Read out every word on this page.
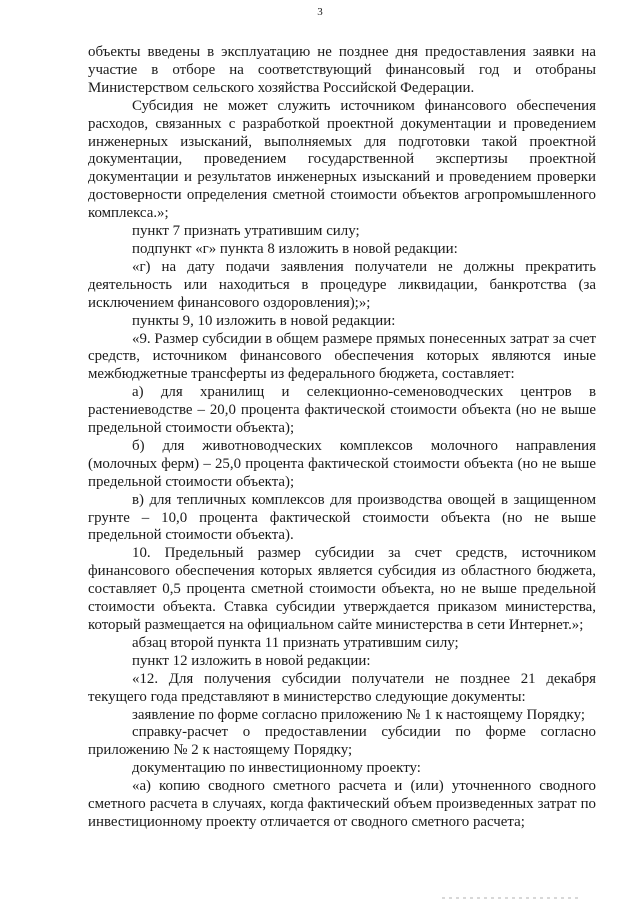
3

объекты введены в эксплуатацию не позднее дня предоставления заявки на участие в отборе на соответствующий финансовый год и отобраны Министерством сельского хозяйства Российской Федерации.

Субсидия не может служить источником финансового обеспечения расходов, связанных с разработкой проектной документации и проведением инженерных изысканий, выполняемых для подготовки такой проектной документации, проведением государственной экспертизы проектной документации и результатов инженерных изысканий и проведением проверки достоверности определения сметной стоимости объектов агропромышленного комплекса.»;

пункт 7 признать утратившим силу;

подпункт «г» пункта 8 изложить в новой редакции:

«г) на дату подачи заявления получатели не должны прекратить деятельность или находиться в процедуре ликвидации, банкротства (за исключением финансового оздоровления);»;

пункты 9, 10 изложить в новой редакции:

«9. Размер субсидии в общем размере прямых понесенных затрат за счет средств, источником финансового обеспечения которых являются иные межбюджетные трансферты из федерального бюджета, составляет:

а) для хранилищ и селекционно-семеноводческих центров в растениеводстве – 20,0 процента фактической стоимости объекта (но не выше предельной стоимости объекта);

б) для животноводческих комплексов молочного направления (молочных ферм) – 25,0 процента фактической стоимости объекта (но не выше предельной стоимости объекта);

в) для тепличных комплексов для производства овощей в защищенном грунте – 10,0 процента фактической стоимости объекта (но не выше предельной стоимости объекта).

10. Предельный размер субсидии за счет средств, источником финансового обеспечения которых является субсидия из областного бюджета, составляет 0,5 процента сметной стоимости объекта, но не выше предельной стоимости объекта. Ставка субсидии утверждается приказом министерства, который размещается на официальном сайте министерства в сети Интернет.»;

абзац второй пункта 11 признать утратившим силу;

пункт 12 изложить в новой редакции:

«12. Для получения субсидии получатели не позднее 21 декабря текущего года представляют в министерство следующие документы:

заявление по форме согласно приложению № 1 к настоящему Порядку;

справку-расчет о предоставлении субсидии по форме согласно приложению № 2 к настоящему Порядку;

документацию по инвестиционному проекту:

«а) копию сводного сметного расчета и (или) уточненного сводного сметного расчета в случаях, когда фактический объем произведенных затрат по инвестиционному проекту отличается от сводного сметного расчета;
